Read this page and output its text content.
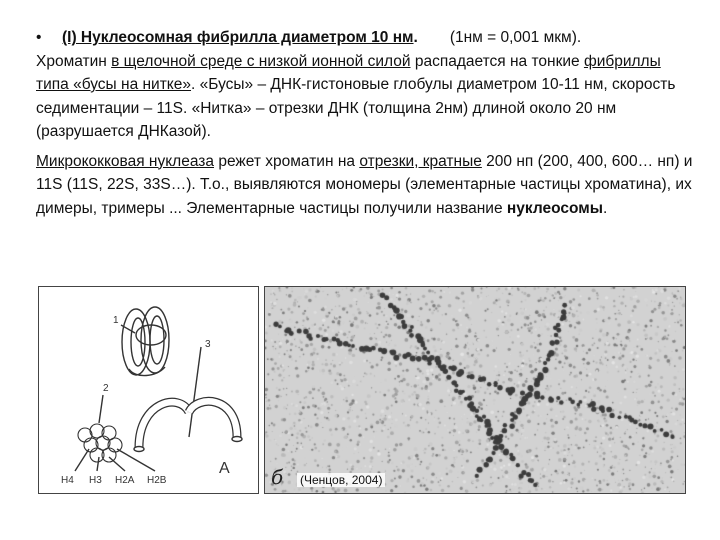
• (I) Нуклеосомная фибрилла диаметром 10 нм. (1нм = 0,001 мкм).

Хроматин в щелочной среде с низкой ионной силой распадается на тонкие фибриллы типа «бусы на нитке». «Бусы» – ДНК-гистоновые глобулы диаметром 10-11 нм, скорость седиментации – 11S. «Нитка» – отрезки ДНК (толщина 2нм) длиной около 20 нм (разрушается ДНКазой).

Микрококковая нуклеаза режет хроматин на отрезки, кратные 200 нп (200, 400, 600… нп) и 11S (11S, 22S, 33S…). Т.о., выявляются мономеры (элементарные частицы хроматина), их димеры, тримеры ... Элементарные частицы получили название нуклеосомы.

1
3
2
H4 H3 H2A H2B
А б (Ченцов, 2004)
